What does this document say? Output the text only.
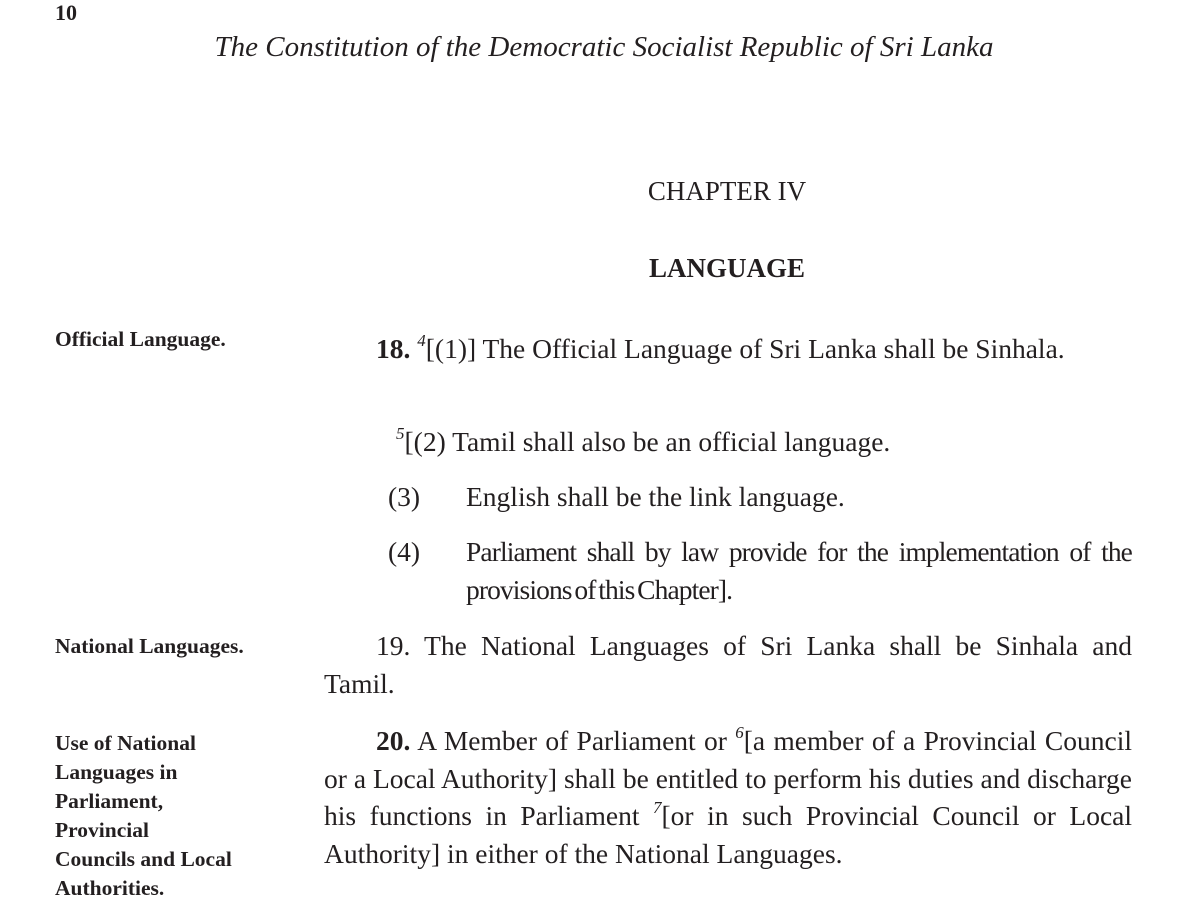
10
The Constitution of the Democratic Socialist Republic of Sri Lanka
CHAPTER IV
LANGUAGE
Official Language.	18. $^4$[(1)] The Official Language of Sri Lanka shall be Sinhala.
$^5$[(2) Tamil shall also be an official language.
(3)	English shall be the link language.
(4)	Parliament shall by law provide for the implementation of the provisions of this Chapter].
National Languages.	19. The National Languages of Sri Lanka shall be Sinhala and Tamil.
Use of National
Languages in
Parliament,
Provincial
Councils and Local
Authorities.
20. A Member of Parliament or $^6$[a member of a Provincial Council or a Local Authority] shall be entitled to perform his duties and discharge his functions in Parliament $^7$[or in such Provincial Council or Local Authority] in either of the National Languages.
